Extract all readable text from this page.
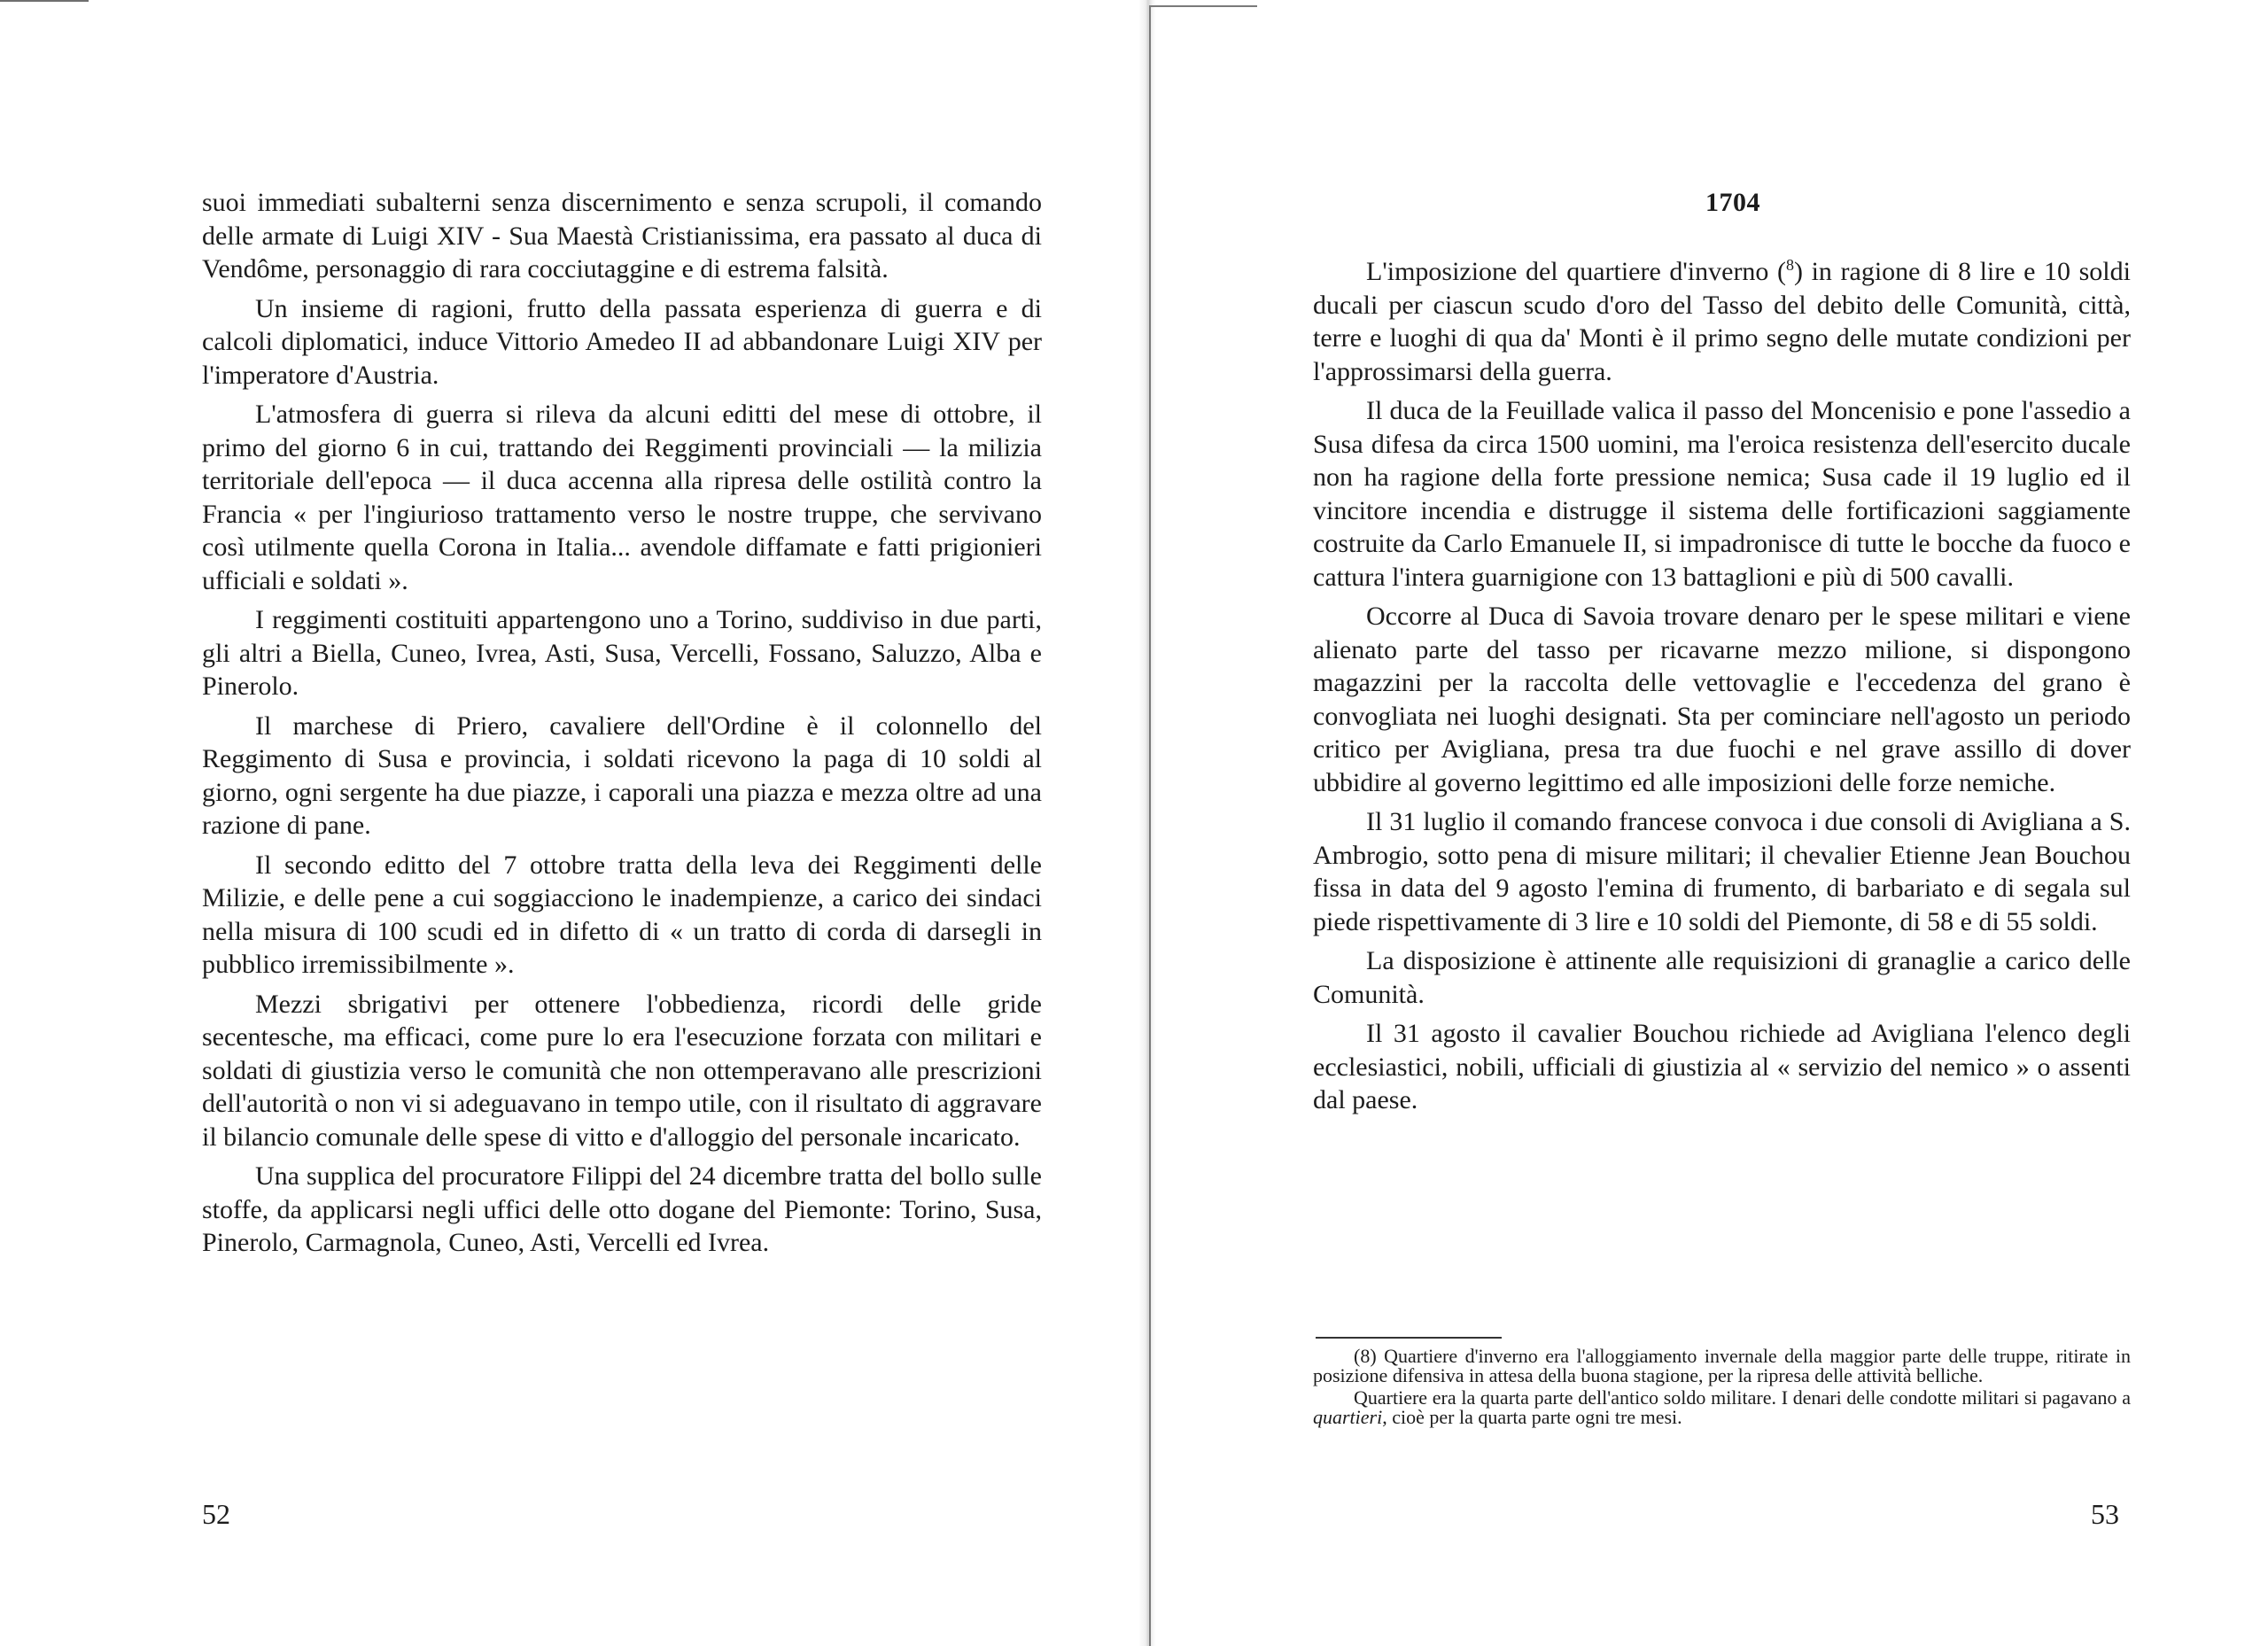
suoi immediati subalterni senza discernimento e senza scrupoli, il comando delle armate di Luigi XIV - Sua Maestà Cristianissima, era passato al duca di Vendôme, personaggio di rara cocciutaggine e di estrema falsità.

Un insieme di ragioni, frutto della passata esperienza di guerra e di calcoli diplomatici, induce Vittorio Amedeo II ad abbandonare Luigi XIV per l'imperatore d'Austria.

L'atmosfera di guerra si rileva da alcuni editti del mese di ottobre, il primo del giorno 6 in cui, trattando dei Reggimenti provinciali — la milizia territoriale dell'epoca — il duca accenna alla ripresa delle ostilità contro la Francia « per l'ingiurioso trattamento verso le nostre truppe, che servivano così utilmente quella Corona in Italia... avendole diffamate e fatti prigionieri ufficiali e soldati ».

I reggimenti costituiti appartengono uno a Torino, suddiviso in due parti, gli altri a Biella, Cuneo, Ivrea, Asti, Susa, Vercelli, Fossano, Saluzzo, Alba e Pinerolo.

Il marchese di Priero, cavaliere dell'Ordine è il colonnello del Reggimento di Susa e provincia, i soldati ricevono la paga di 10 soldi al giorno, ogni sergente ha due piazze, i caporali una piazza e mezza oltre ad una razione di pane.

Il secondo editto del 7 ottobre tratta della leva dei Reggimenti delle Milizie, e delle pene a cui soggiacciono le inadempienze, a carico dei sindaci nella misura di 100 scudi ed in difetto di « un tratto di corda di darsegli in pubblico irremissibilmente ».

Mezzi sbrigativi per ottenere l'obbedienza, ricordi delle gride secentesche, ma efficaci, come pure lo era l'esecuzione forzata con militari e soldati di giustizia verso le comunità che non ottemperavano alle prescrizioni dell'autorità o non vi si adeguavano in tempo utile, con il risultato di aggravare il bilancio comunale delle spese di vitto e d'alloggio del personale incaricato.

Una supplica del procuratore Filippi del 24 dicembre tratta del bollo sulle stoffe, da applicarsi negli uffici delle otto dogane del Piemonte: Torino, Susa, Pinerolo, Carmagnola, Cuneo, Asti, Vercelli ed Ivrea.

52
1704

L'imposizione del quartiere d'inverno ($^8$) in ragione di 8 lire e 10 soldi ducali per ciascun scudo d'oro del Tasso del debito delle Comunità, città, terre e luoghi di qua da' Monti è il primo segno delle mutate condizioni per l'approssimarsi della guerra.

Il duca de la Feuillade valica il passo del Moncenisio e pone l'assedio a Susa difesa da circa 1500 uomini, ma l'eroica resistenza dell'esercito ducale non ha ragione della forte pressione nemica; Susa cade il 19 luglio ed il vincitore incendia e distrugge il sistema delle fortificazioni saggiamente costruite da Carlo Emanuele II, si impadronisce di tutte le bocche da fuoco e cattura l'intera guarnigione con 13 battaglioni e più di 500 cavalli.

Occorre al Duca di Savoia trovare denaro per le spese militari e viene alienato parte del tasso per ricavarne mezzo milione, si dispongono magazzini per la raccolta delle vettovaglie e l'eccedenza del grano è convogliata nei luoghi designati. Sta per cominciare nell'agosto un periodo critico per Avigliana, presa tra due fuochi e nel grave assillo di dover ubbidire al governo legittimo ed alle imposizioni delle forze nemiche.

Il 31 luglio il comando francese convoca i due consoli di Avigliana a S. Ambrogio, sotto pena di misure militari; il chevalier Etienne Jean Bouchou fissa in data del 9 agosto l'emina di frumento, di barbariato e di segala sul piede rispettivamente di 3 lire e 10 soldi del Piemonte, di 58 e di 55 soldi.

La disposizione è attinente alle requisizioni di granaglie a carico delle Comunità.

Il 31 agosto il cavalier Bouchou richiede ad Avigliana l'elenco degli ecclesiastici, nobili, ufficiali di giustizia al « servizio del nemico » o assenti dal paese.

(8) Quartiere d'inverno era l'alloggiamento invernale della maggior parte delle truppe, ritirate in posizione difensiva in attesa della buona stagione, per la ripresa delle attività belliche.

Quartiere era la quarta parte dell'antico soldo militare. I denari delle condotte militari si pagavano a quartieri, cioè per la quarta parte ogni tre mesi.

53
